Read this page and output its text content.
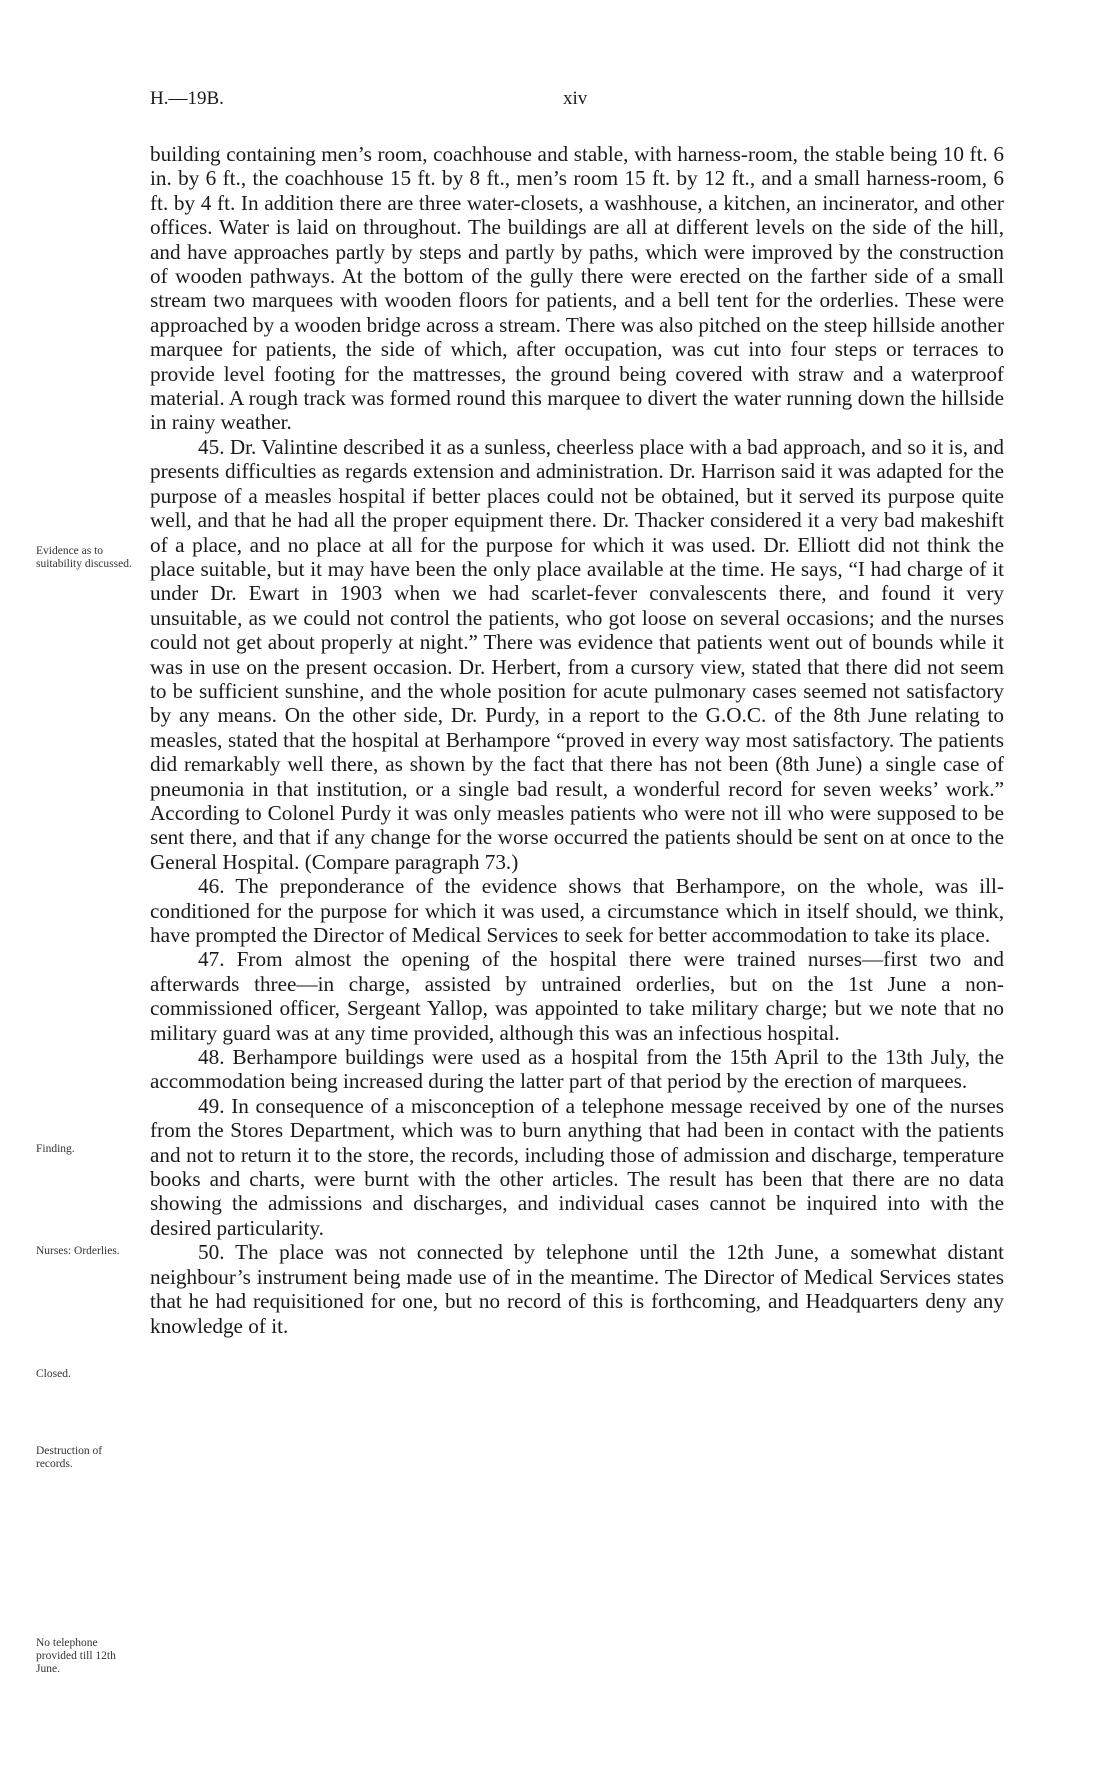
H.—19B.	xiv

building containing men’s room, coachhouse and stable, with harness-room, the stable being 10 ft. 6 in. by 6 ft., the coachhouse 15 ft. by 8 ft., men’s room 15 ft. by 12 ft., and a small harness-room, 6 ft. by 4 ft. In addition there are three water-closets, a washhouse, a kitchen, an incinerator, and other offices. Water is laid on throughout. The buildings are all at different levels on the side of the hill, and have approaches partly by steps and partly by paths, which were improved by the construction of wooden pathways. At the bottom of the gully there were erected on the farther side of a small stream two marquees with wooden floors for patients, and a bell tent for the orderlies. These were approached by a wooden bridge across a stream. There was also pitched on the steep hillside another marquee for patients, the side of which, after occupation, was cut into four steps or terraces to provide level footing for the mattresses, the ground being covered with straw and a waterproof material. A rough track was formed round this marquee to divert the water running down the hillside in rainy weather.

45. Dr. Valintine described it as a sunless, cheerless place with a bad approach, and so it is, and presents difficulties as regards extension and administration. Dr. Harrison said it was adapted for the purpose of a measles hospital if better places could not be obtained, but it served its purpose quite well, and that he had all the proper equipment there. Dr. Thacker considered it a very bad makeshift of a place, and no place at all for the purpose for which it was used. Dr. Elliott did not think the place suitable, but it may have been the only place available at the time. He says, “I had charge of it under Dr. Ewart in 1903 when we had scarlet-fever convalescents there, and found it very unsuitable, as we could not control the patients, who got loose on several occasions; and the nurses could not get about properly at night.” There was evidence that patients went out of bounds while it was in use on the present occasion. Dr. Herbert, from a cursory view, stated that there did not seem to be sufficient sunshine, and the whole position for acute pulmonary cases seemed not satisfactory by any means. On the other side, Dr. Purdy, in a report to the G.O.C. of the 8th June relating to measles, stated that the hospital at Berhampore “proved in every way most satisfactory. The patients did remarkably well there, as shown by the fact that there has not been (8th June) a single case of pneumonia in that institution, or a single bad result, a wonderful record for seven weeks’ work.” According to Colonel Purdy it was only measles patients who were not ill who were supposed to be sent there, and that if any change for the worse occurred the patients should be sent on at once to the General Hospital. (Compare paragraph 73.)

46. The preponderance of the evidence shows that Berhampore, on the whole, was ill-conditioned for the purpose for which it was used, a circumstance which in itself should, we think, have prompted the Director of Medical Services to seek for better accommodation to take its place.

47. From almost the opening of the hospital there were trained nurses—first two and afterwards three—in charge, assisted by untrained orderlies, but on the 1st June a non-commissioned officer, Sergeant Yallop, was appointed to take military charge; but we note that no military guard was at any time provided, although this was an infectious hospital.

48. Berhampore buildings were used as a hospital from the 15th April to the 13th July, the accommodation being increased during the latter part of that period by the erection of marquees.

49. In consequence of a misconception of a telephone message received by one of the nurses from the Stores Department, which was to burn anything that had been in contact with the patients and not to return it to the store, the records, including those of admission and discharge, temperature books and charts, were burnt with the other articles. The result has been that there are no data showing the admissions and discharges, and individual cases cannot be inquired into with the desired particularity.

50. The place was not connected by telephone until the 12th June, a somewhat distant neighbour’s instrument being made use of in the meantime. The Director of Medical Services states that he had requisitioned for one, but no record of this is forthcoming, and Headquarters deny any knowledge of it.

Evidence as to suitability discussed.
Finding.
Nurses: Orderlies.
Closed.
Destruction of records.
No telephone provided till 12th June.
